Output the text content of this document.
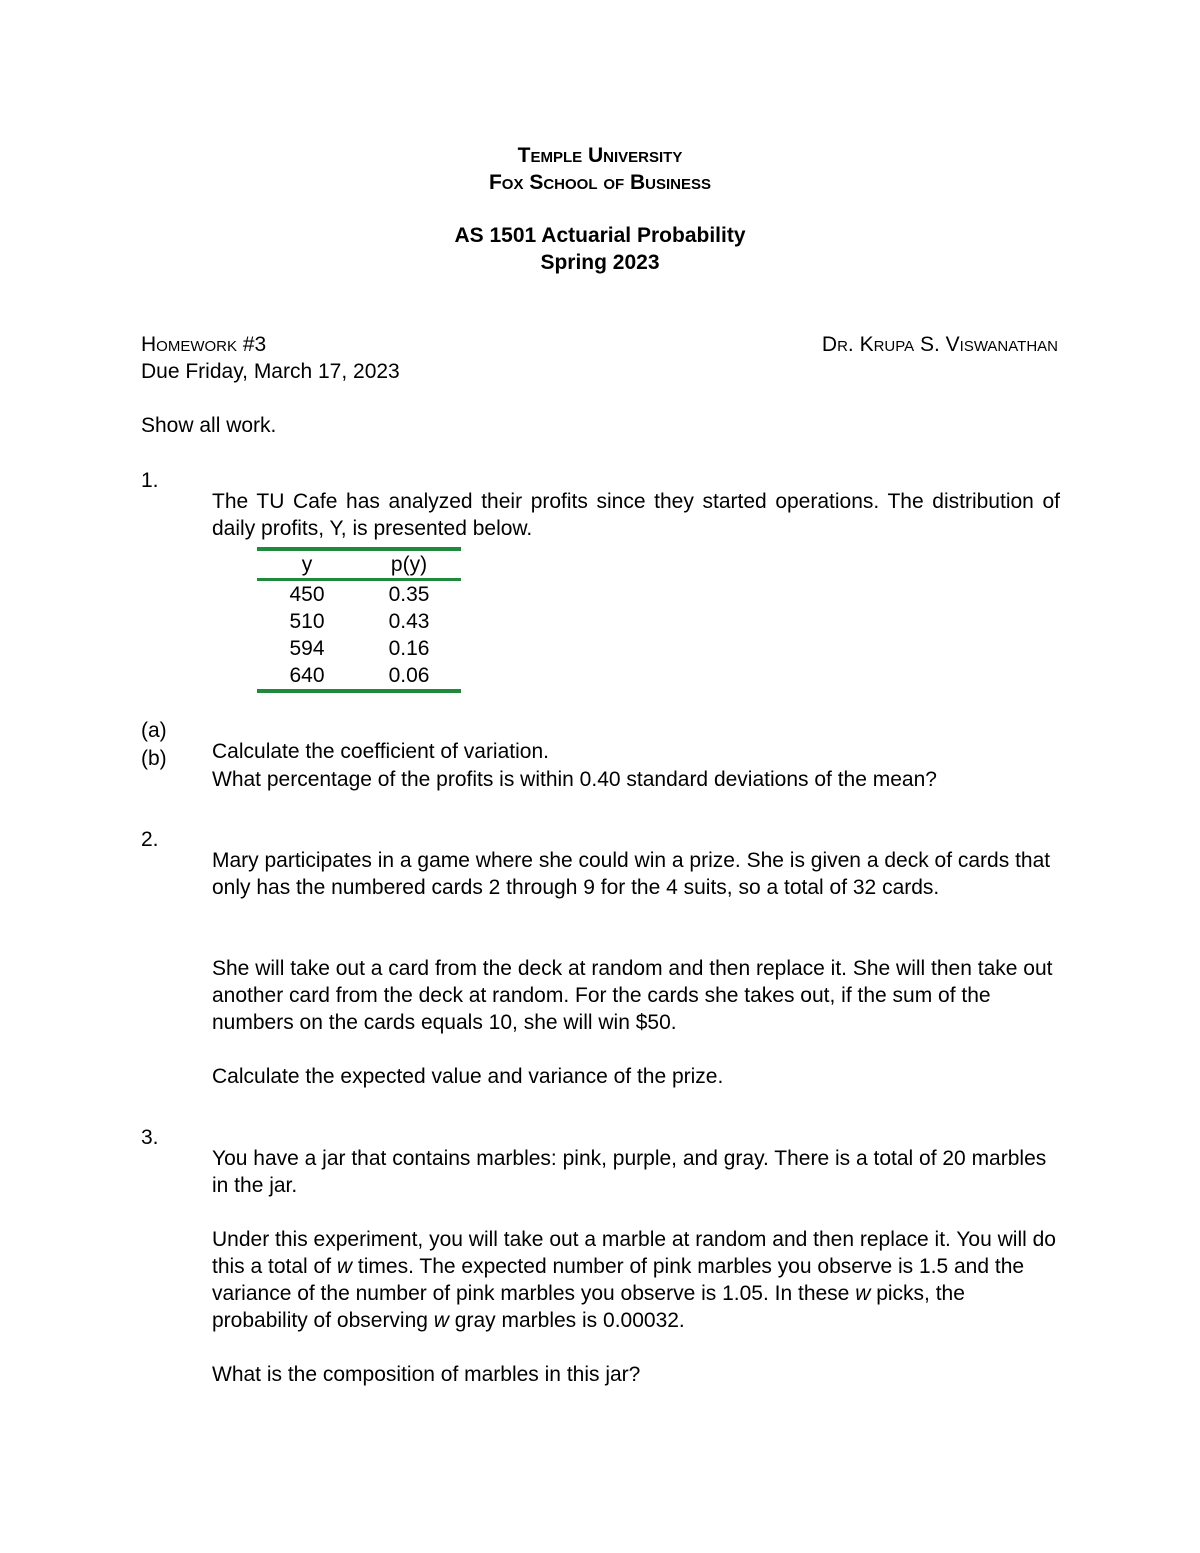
Temple University

Fox School of Business

AS 1501 Actuarial Probability

Spring 2023

Homework #3	Dr. Krupa S. Viswanathan

Due Friday, March 17, 2023

Show all work.

1.

The TU Cafe has analyzed their profits since they started operations. The distribution of daily profits, Y, is presented below.

y	p(y)
450	0.35
510	0.43
594	0.16
640	0.06
(a)

Calculate the coefficient of variation.

(b)

What percentage of the profits is within 0.40 standard deviations of the mean?

2.

Mary participates in a game where she could win a prize. She is given a deck of cards that only has the numbered cards 2 through 9 for the 4 suits, so a total of 32 cards.

She will take out a card from the deck at random and then replace it. She will then take out another card from the deck at random. For the cards she takes out, if the sum of the numbers on the cards equals 10, she will win $50.

Calculate the expected value and variance of the prize.

3.

You have a jar that contains marbles: pink, purple, and gray. There is a total of 20 marbles in the jar.

Under this experiment, you will take out a marble at random and then replace it. You will do this a total of w times. The expected number of pink marbles you observe is 1.5 and the variance of the number of pink marbles you observe is 1.05. In these w picks, the probability of observing w gray marbles is 0.00032.

What is the composition of marbles in this jar?
